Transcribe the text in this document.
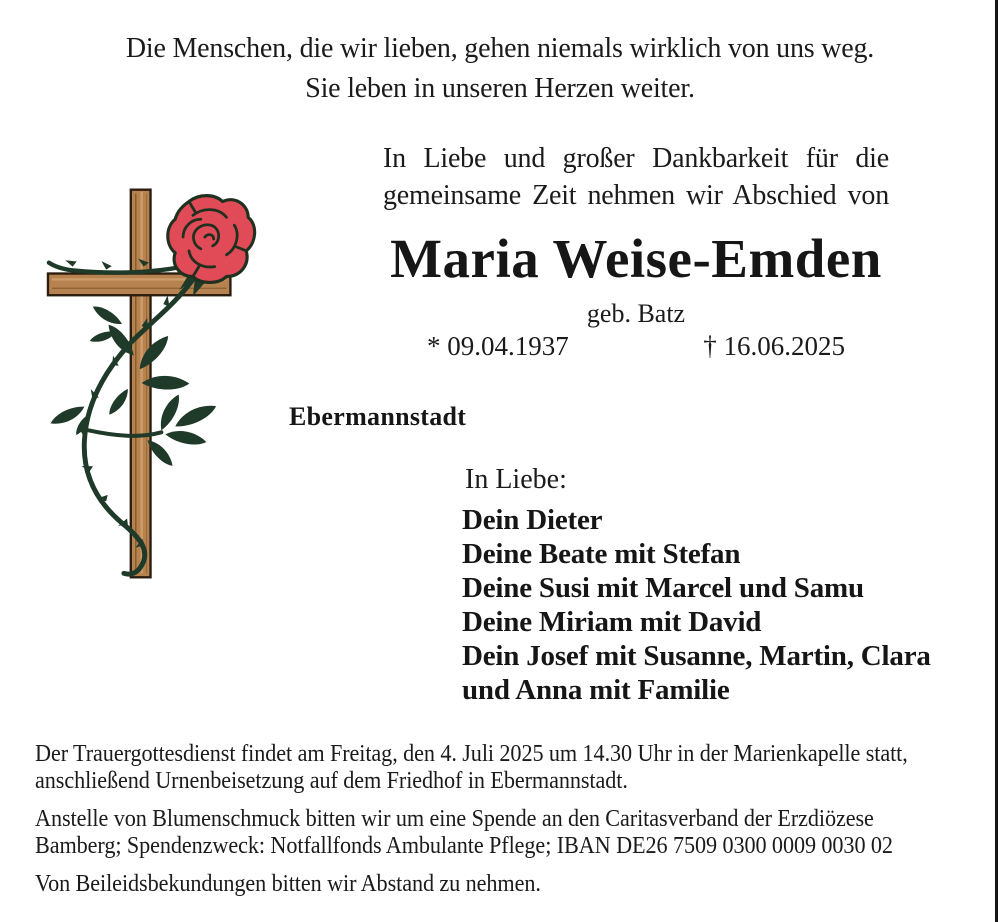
Die Menschen, die wir lieben, gehen niemals wirklich von uns weg.
Sie leben in unseren Herzen weiter.
In Liebe und großer Dankbarkeit für die
gemeinsame Zeit nehmen wir Abschied von
Maria Weise-Emden
geb. Batz
* 09.04.1937	† 16.06.2025
Ebermannstadt
In Liebe:
Dein Dieter
Deine Beate mit Stefan
Deine Susi mit Marcel und Samu
Deine Miriam mit David
Dein Josef mit Susanne, Martin, Clara
und Anna mit Familie
Der Trauergottesdienst findet am Freitag, den 4. Juli 2025 um 14.30 Uhr in der Marienkapelle statt,
anschließend Urnenbeisetzung auf dem Friedhof in Ebermannstadt.
Anstelle von Blumenschmuck bitten wir um eine Spende an den Caritasverband der Erzdiözese
Bamberg; Spendenzweck: Notfallfonds Ambulante Pflege; IBAN DE26 7509 0300 0009 0030 02
Von Beileidsbekundungen bitten wir Abstand zu nehmen.
